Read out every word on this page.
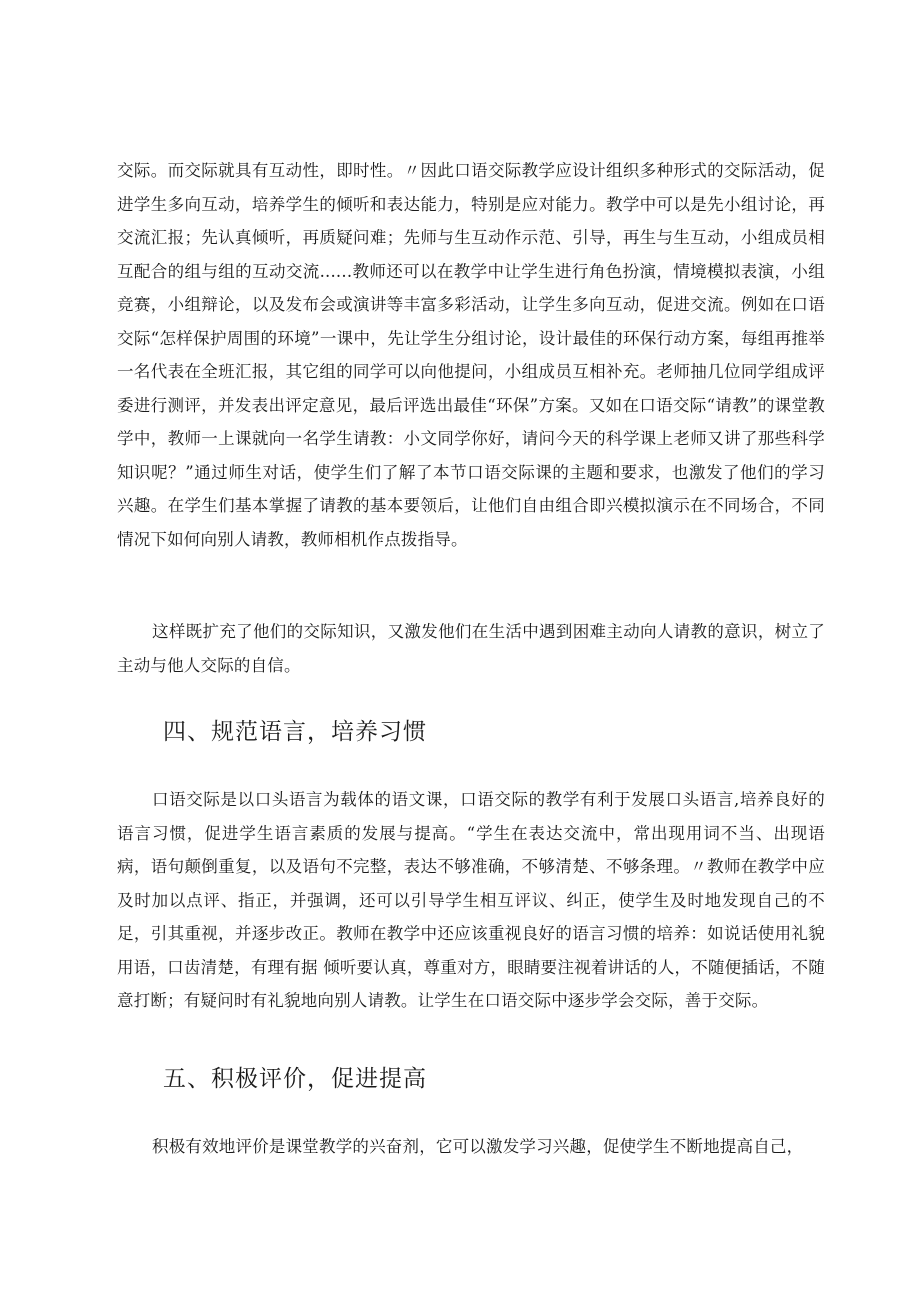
交际。而交际就具有互动性，即时性。〃因此口语交际教学应设计组织多种形式的交际活动，促进学生多向互动，培养学生的倾听和表达能力，特别是应对能力。教学中可以是先小组讨论，再交流汇报；先认真倾听，再质疑问难；先师与生互动作示范、引导，再生与生互动，小组成员相互配合的组与组的互动交流......教师还可以在教学中让学生进行角色扮演，情境模拟表演，小组竞赛，小组辩论，以及发布会或演讲等丰富多彩活动，让学生多向互动，促进交流。例如在口语交际“怎样保护周围的环境”一课中，先让学生分组讨论，设计最佳的环保行动方案，每组再推举一名代表在全班汇报，其它组的同学可以向他提问，小组成员互相补充。老师抽几位同学组成评委进行测评，并发表出评定意见，最后评选出最佳“环保”方案。又如在口语交际“请教”的课堂教学中，教师一上课就向一名学生请教：小文同学你好，请问今天的科学课上老师又讲了那些科学知识呢？”通过师生对话，使学生们了解了本节口语交际课的主题和要求，也激发了他们的学习兴趣。在学生们基本掌握了请教的基本要领后，让他们自由组合即兴模拟演示在不同场合，不同情况下如何向别人请教，教师相机作点拨指导。

这样既扩充了他们的交际知识，又激发他们在生活中遇到困难主动向人请教的意识，树立了主动与他人交际的自信。

四、规范语言，培养习惯

口语交际是以口头语言为载体的语文课，口语交际的教学有利于发展口头语言,培养良好的语言习惯，促进学生语言素质的发展与提高。“学生在表达交流中，常出现用词不当、出现语病，语句颠倒重复，以及语句不完整，表达不够准确，不够清楚、不够条理。〃教师在教学中应及时加以点评、指正，并强调，还可以引导学生相互评议、纠正，使学生及时地发现自己的不足，引其重视，并逐步改正。教师在教学中还应该重视良好的语言习惯的培养：如说话使用礼貌用语，口齿清楚，有理有据 倾听要认真，尊重对方，眼睛要注视着讲话的人，不随便插话，不随意打断；有疑问时有礼貌地向别人请教。让学生在口语交际中逐步学会交际，善于交际。

五、积极评价，促进提高

积极有效地评价是课堂教学的兴奋剂，它可以激发学习兴趣，促使学生不断地提高自己，
